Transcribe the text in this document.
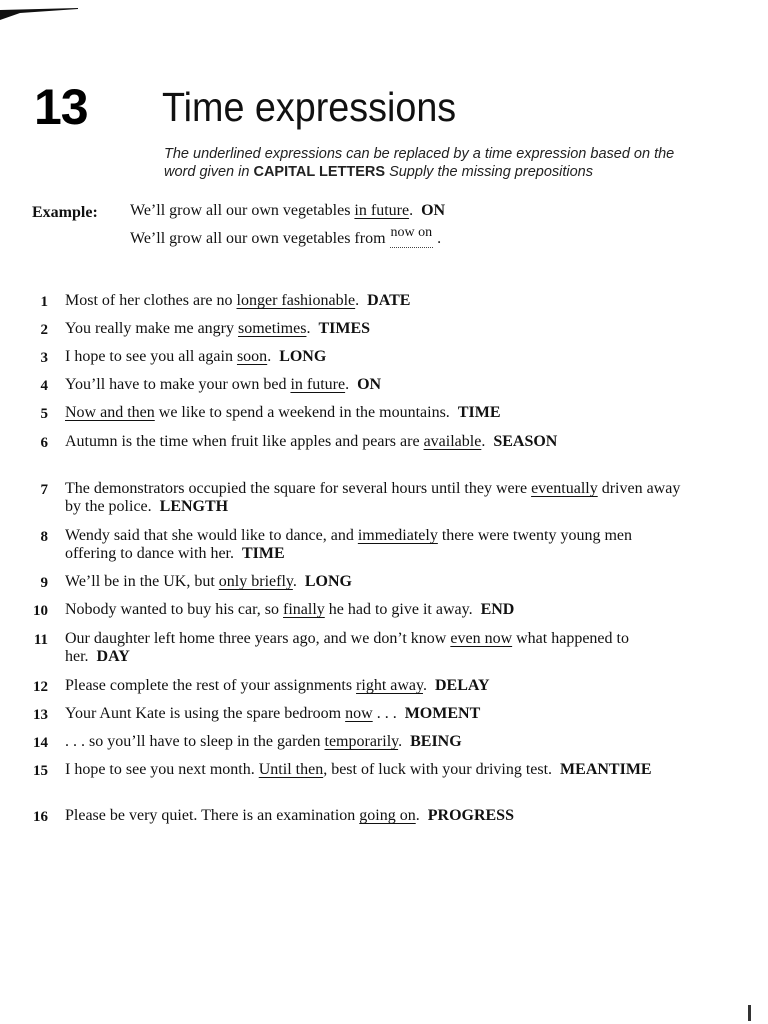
13 Time expressions
The underlined expressions can be replaced by a time expression based on the word given in CAPITAL LETTERS Supply the missing prepositions
Example: We’ll grow all our own vegetables in future. ON
We’ll grow all our own vegetables from now on .
1 Most of her clothes are no longer fashionable. DATE
2 You really make me angry sometimes. TIMES
3 I hope to see you all again soon. LONG
4 You’ll have to make your own bed in future. ON
5 Now and then we like to spend a weekend in the mountains. TIME
6 Autumn is the time when fruit like apples and pears are available. SEASON
7 The demonstrators occupied the square for several hours until they were eventually driven away by the police. LENGTH
8 Wendy said that she would like to dance, and immediately there were twenty young men offering to dance with her. TIME
9 We’ll be in the UK, but only briefly. LONG
10 Nobody wanted to buy his car, so finally he had to give it away. END
11 Our daughter left home three years ago, and we don’t know even now what happened to her. DAY
12 Please complete the rest of your assignments right away. DELAY
13 Your Aunt Kate is using the spare bedroom now . . . MOMENT
14 . . . so you’ll have to sleep in the garden temporarily. BEING
15 I hope to see you next month. Until then, best of luck with your driving test. MEANTIME
16 Please be very quiet. There is an examination going on. PROGRESS
